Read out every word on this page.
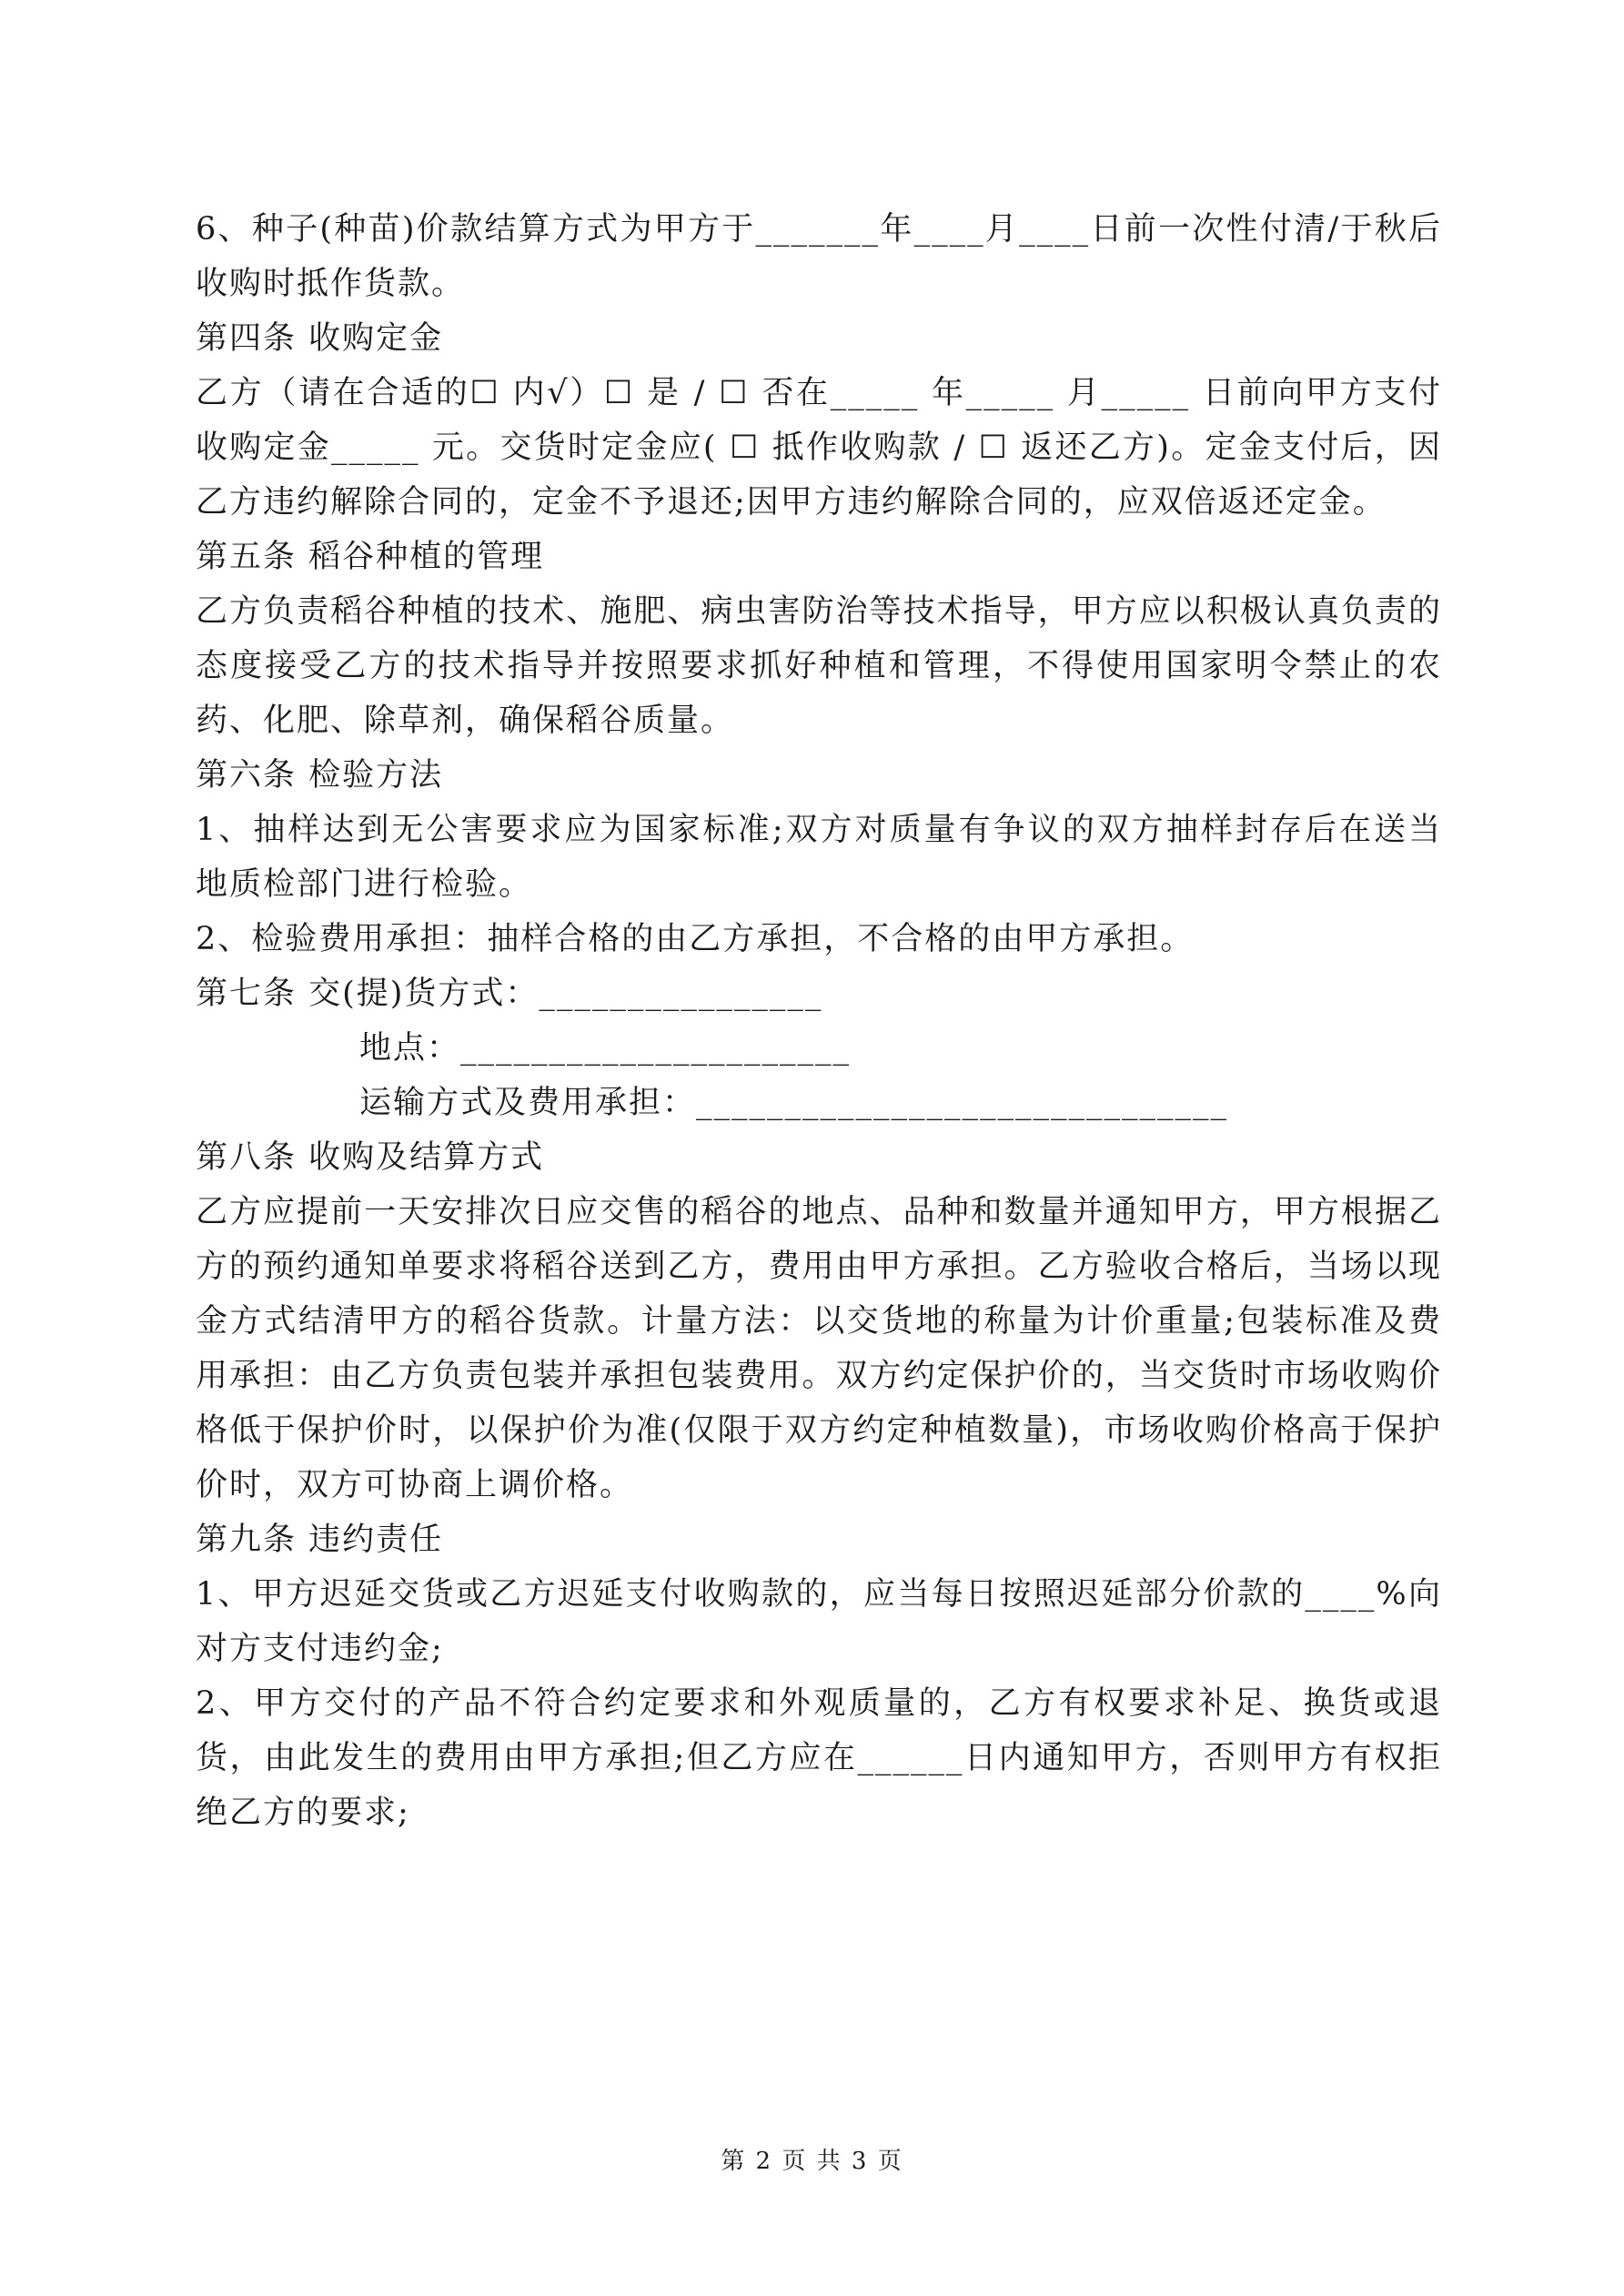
6、种子(种苗)价款结算方式为甲方于_______年____月____日前一次性付清/于秋后收购时抵作货款。
第四条 收购定金
乙方（请在合适的☐ 内√）☐ 是 / ☐ 否在_____ 年_____ 月_____ 日前向甲方支付收购定金_____ 元。交货时定金应( ☐ 抵作收购款 / ☐ 返还乙方)。定金支付后，因乙方违约解除合同的，定金不予退还;因甲方违约解除合同的，应双倍返还定金。
第五条 稻谷种植的管理
乙方负责稻谷种植的技术、施肥、病虫害防治等技术指导，甲方应以积极认真负责的态度接受乙方的技术指导并按照要求抓好种植和管理，不得使用国家明令禁止的农药、化肥、除草剂，确保稻谷质量。
第六条 检验方法
1、抽样达到无公害要求应为国家标准;双方对质量有争议的双方抽样封存后在送当地质检部门进行检验。
2、检验费用承担：抽样合格的由乙方承担，不合格的由甲方承担。
第七条 交(提)货方式：________________
地点：______________________
运输方式及费用承担：______________________________
第八条 收购及结算方式
乙方应提前一天安排次日应交售的稻谷的地点、品种和数量并通知甲方，甲方根据乙方的预约通知单要求将稻谷送到乙方，费用由甲方承担。乙方验收合格后，当场以现金方式结清甲方的稻谷货款。计量方法：以交货地的称量为计价重量;包装标准及费用承担：由乙方负责包装并承担包装费用。双方约定保护价的，当交货时市场收购价格低于保护价时，以保护价为准(仅限于双方约定种植数量)，市场收购价格高于保护价时，双方可协商上调价格。
第九条 违约责任
1、甲方迟延交货或乙方迟延支付收购款的，应当每日按照迟延部分价款的____%向对方支付违约金;
2、甲方交付的产品不符合约定要求和外观质量的，乙方有权要求补足、换货或退货，由此发生的费用由甲方承担;但乙方应在______日内通知甲方，否则甲方有权拒绝乙方的要求;
第 2 页 共 3 页
